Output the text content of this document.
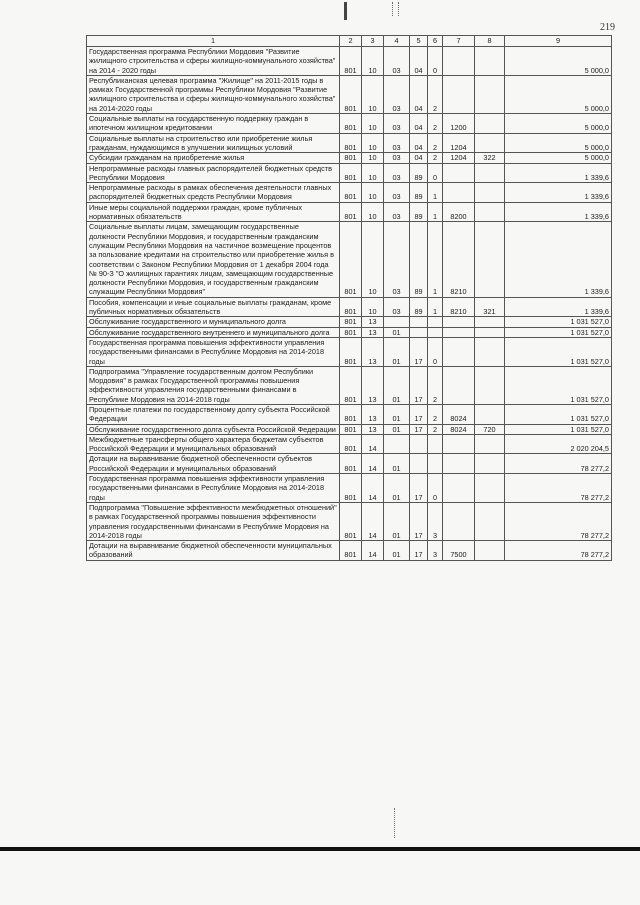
219
1	2	3	4	5	6	7	8	9
Государственная программа Республики Мордовия "Развитие жилищного строительства и сферы жилищно-коммунального хозяйства" на 2014 - 2020 годы	801	10	03	04	0			5 000,0
Республиканская целевая программа "Жилище" на 2011-2015 годы в рамках Государственной программы Республики Мордовия "Развитие жилищного строительства и сферы жилищно-коммунального хозяйства" на 2014-2020 годы	801	10	03	04	2			5 000,0
Социальные выплаты на государственную поддержку граждан в ипотечном жилищном кредитовании	801	10	03	04	2	1200		5 000,0
Социальные выплаты на строительство или приобретение жилья гражданам, нуждающимся в улучшении жилищных условий	801	10	03	04	2	1204		5 000,0
Субсидии гражданам на приобретение жилья	801	10	03	04	2	1204	322	5 000,0
Непрограммные расходы главных распорядителей бюджетных средств Республики Мордовия	801	10	03	89	0			1 339,6
Непрограммные расходы в рамках обеспечения деятельности главных распорядителей бюджетных средств Республики Мордовия	801	10	03	89	1			1 339,6
Иные меры социальной поддержки граждан, кроме публичных нормативных обязательств	801	10	03	89	1	8200		1 339,6
Социальные выплаты лицам, замещающим государственные должности Республики Мордовия, и государственным гражданским служащим Республики Мордовия на частичное возмещение процентов за пользование кредитами на строительство или приобретение жилья в соответствии с Законом Республики Мордовия от 1 декабря 2004 года № 90-З "О жилищных гарантиях лицам, замещающим государственные должности Республики Мордовия, и государственным гражданским служащим Республики Мордовия"	801	10	03	89	1	8210		1 339,6
Пособия, компенсации и иные социальные выплаты гражданам, кроме публичных нормативных обязательств	801	10	03	89	1	8210	321	1 339,6
Обслуживание государственного и муниципального долга	801	13						1 031 527,0
Обслуживание государственного внутреннего и муниципального долга	801	13	01					1 031 527,0
Государственная программа повышения эффективности управления государственными финансами в Республике Мордовия на 2014-2018 годы	801	13	01	17	0			1 031 527,0
Подпрограмма "Управление государственным долгом Республики Мордовия" в рамках Государственной программы повышения эффективности управления государственными финансами в Республике Мордовия на 2014-2018 годы	801	13	01	17	2			1 031 527,0
Процентные платежи по государственному долгу субъекта Российской Федерации	801	13	01	17	2	8024		1 031 527,0
Обслуживание государственного долга субъекта Российской Федерации	801	13	01	17	2	8024	720	1 031 527,0
Межбюджетные трансферты общего характера бюджетам субъектов Российской Федерации и муниципальных образований	801	14						2 020 204,5
Дотации на выравнивание бюджетной обеспеченности субъектов Российской Федерации и муниципальных образований	801	14	01					78 277,2
Государственная программа повышения эффективности управления государственными финансами в Республике Мордовия на 2014-2018 годы	801	14	01	17	0			78 277,2
Подпрограмма "Повышение эффективности межбюджетных отношений" в рамках Государственной программы повышения эффективности управления государственными финансами в Республике Мордовия на 2014-2018 годы	801	14	01	17	3			78 277,2
Дотации на выравнивание бюджетной обеспеченности муниципальных образований	801	14	01	17	3	7500		78 277,2
